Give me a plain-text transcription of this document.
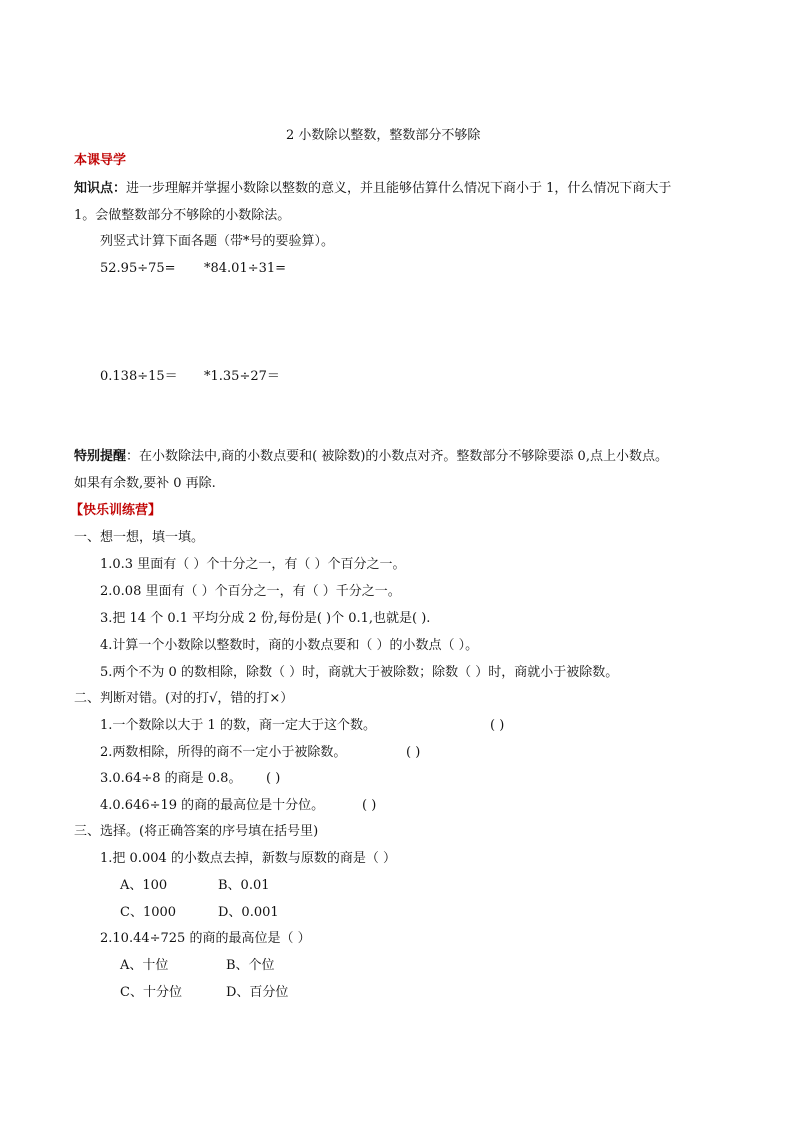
2 小数除以整数，整数部分不够除
本课导学
知识点：进一步理解并掌握小数除以整数的意义，并且能够估算什么情况下商小于 1，什么情况下商大于
1。会做整数部分不够除的小数除法。
列竖式计算下面各题（带*号的要验算）。
52.95÷75= *84.01÷31=
0.138÷15＝ *1.35÷27＝
特别提醒：在小数除法中,商的小数点要和( 被除数)的小数点对齐。整数部分不够除要添 0,点上小数点。
如果有余数,要补 0 再除.
【快乐训练营】
一、想一想，填一填。
1.0.3 里面有（ ）个十分之一，有（ ）个百分之一。
2.0.08 里面有（ ）个百分之一，有（ ）千分之一。
3.把 14 个 0.1 平均分成 2 份,每份是( )个 0.1,也就是( ).
4.计算一个小数除以整数时，商的小数点要和（ ）的小数点（ ）。
5.两个不为 0 的数相除，除数（ ）时，商就大于被除数；除数（ ）时，商就小于被除数。
二、判断对错。(对的打√，错的打×）
1.一个数除以大于 1 的数，商一定大于这个数。	( )
2.两数相除，所得的商不一定小于被除数。	( )
3.0.64÷8 的商是 0.8。 ( )
4.0.646÷19 的商的最高位是十分位。	( )
三、选择。(将正确答案的序号填在括号里)
1.把 0.004 的小数点去掉，新数与原数的商是（ ）
A、100	B、0.01
C、1000	D、0.001
2.10.44÷725 的商的最高位是（ ）
A、十位	B、个位
C、十分位	D、百分位
